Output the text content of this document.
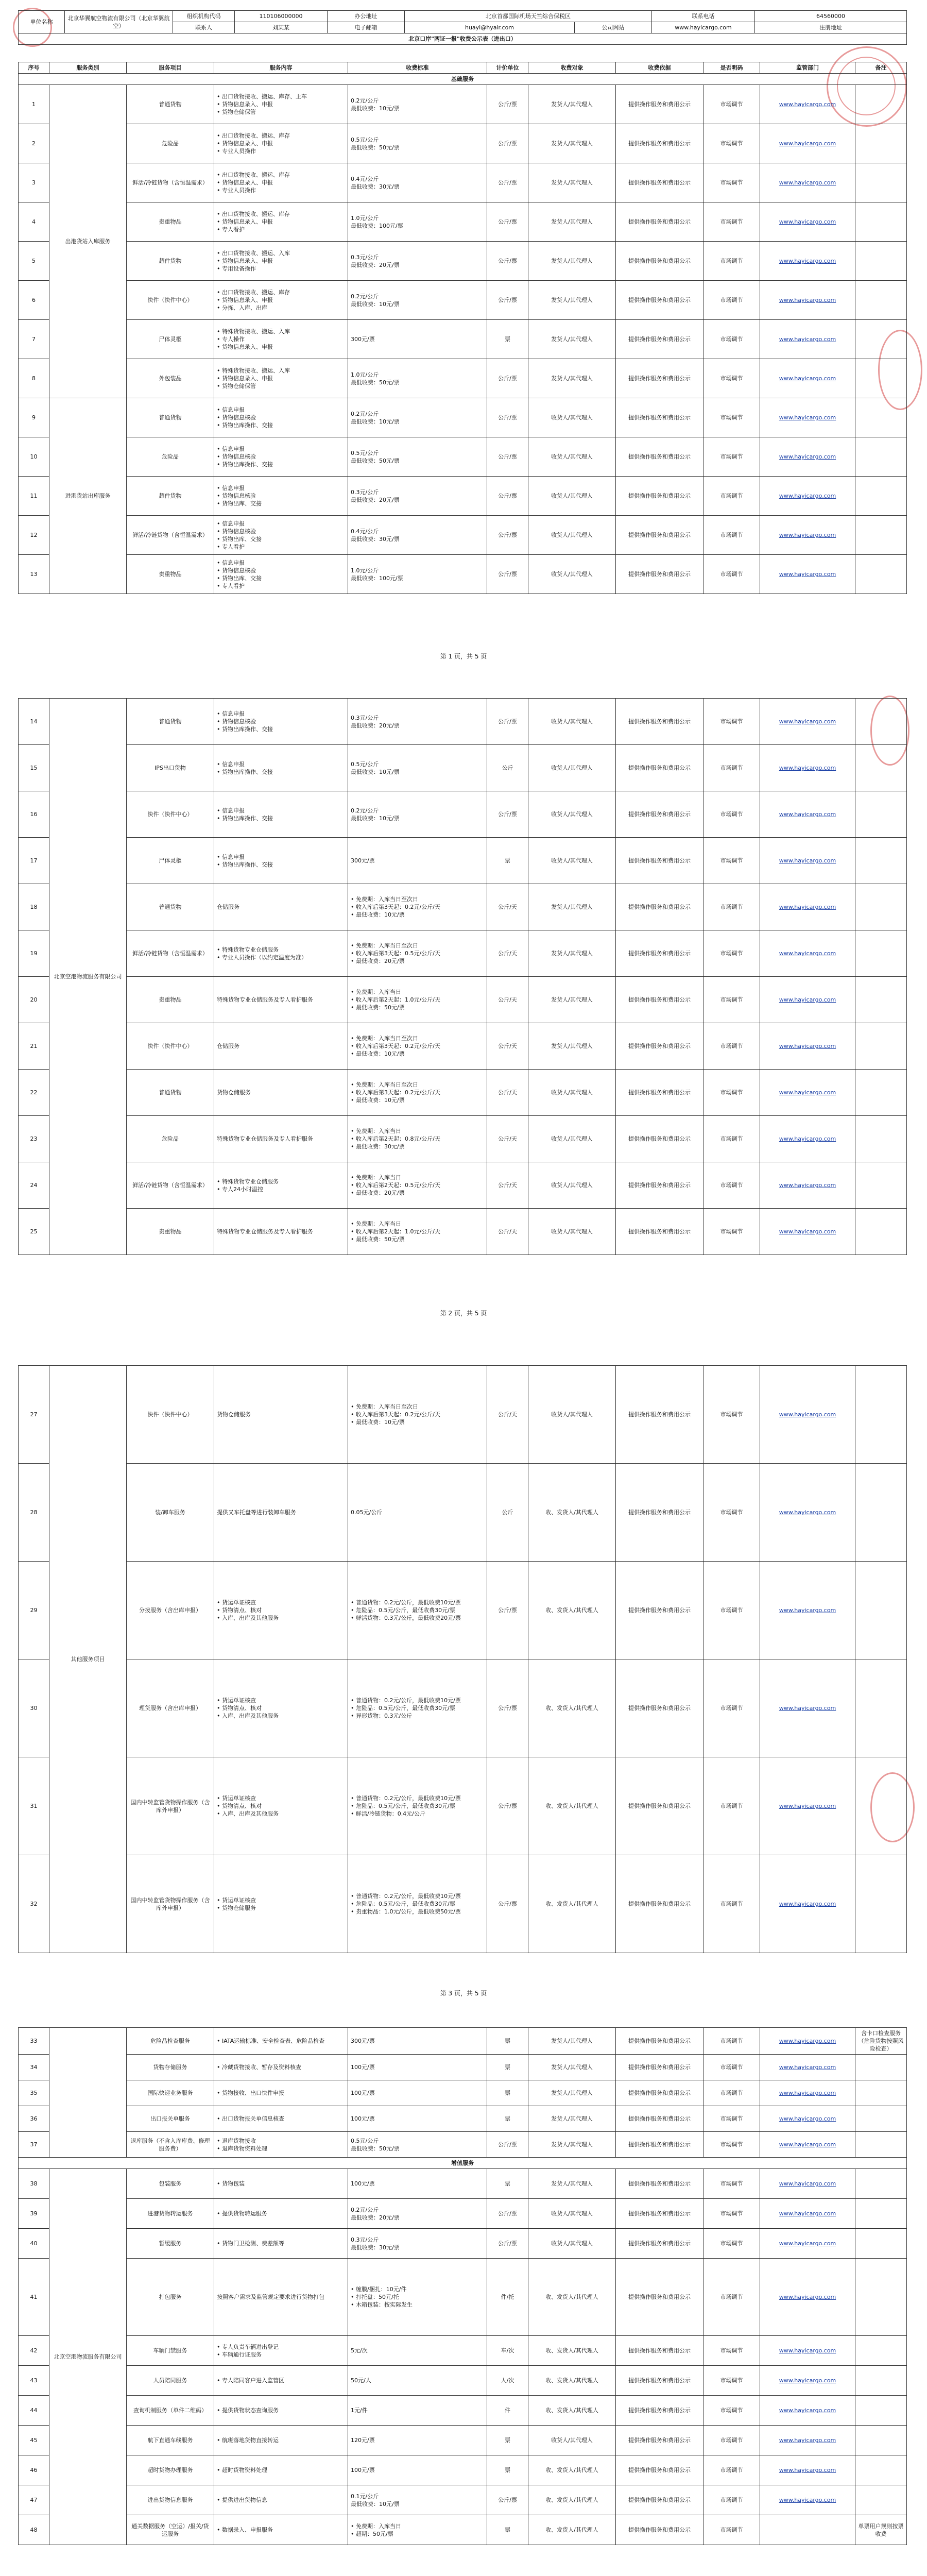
单位名称	北京华翼航空物流有限公司（北京华翼航空）	组织机构代码	110106000000	办公地址	北京首都国际机场天竺综合保税区		联系电话	64560000
		联系人	刘某某	电子邮箱	huayi@hyair.com	公司网站	www.hayicargo.com	注册地址
北京口岸"两证一报"收费公示表（进出口）								
序号	服务类别	服务项目	服务内容	收费标准	计价单位	收费对象	收费依据	是否明码	监管部门	备注
基础服务										
1	出港货站入库服务	普通货物	• 出口货物接收、搬运、库存、上车
• 货物信息录入、申报
• 货物仓储保管	0.2元/公斤
最低收费：10元/票	公斤/票	发货人/其代理人	提供操作服务和费用公示	市场调节	www.hayicargo.com	
2		危险品	• 出口货物接收、搬运、库存
• 货物信息录入、申报
• 专业人员操作	0.5元/公斤
最低收费：50元/票	公斤/票	发货人/其代理人	提供操作服务和费用公示	市场调节	www.hayicargo.com	
3		鲜活/冷链货物（含恒温需求）	• 出口货物接收、搬运、库存
• 货物信息录入、申报
• 专业人员操作	0.4元/公斤
最低收费：30元/票	公斤/票	发货人/其代理人	提供操作服务和费用公示	市场调节	www.hayicargo.com	
4		贵重物品	• 出口货物接收、搬运、库存
• 货物信息录入、申报
• 专人看护	1.0元/公斤
最低收费：100元/票	公斤/票	发货人/其代理人	提供操作服务和费用公示	市场调节	www.hayicargo.com	
5		超件货物	• 出口货物接收、搬运、入库
• 货物信息录入、申报
• 专用设备操作	0.3元/公斤
最低收费：20元/票	公斤/票	发货人/其代理人	提供操作服务和费用公示	市场调节	www.hayicargo.com	
6		快件（快件中心）	• 出口货物接收、搬运、库存
• 货物信息录入、申报
• 分拣、入库、出库	0.2元/公斤
最低收费：10元/票	公斤/票	发货人/其代理人	提供操作服务和费用公示	市场调节	www.hayicargo.com	
7		尸体灵柩	• 特殊货物接收、搬运、入库
• 专人操作
• 货物信息录入、申报	300元/票	票	发货人/其代理人	提供操作服务和费用公示	市场调节	www.hayicargo.com	
8		外包装品	• 特殊货物接收、搬运、入库
• 货物信息录入、申报
• 货物仓储保管	1.0元/公斤
最低收费：50元/票	公斤/票	发货人/其代理人	提供操作服务和费用公示	市场调节	www.hayicargo.com	
9	进港货站出库服务	普通货物	• 信息申报
• 货物信息核验
• 货物出库操作、交接	0.2元/公斤
最低收费：10元/票	公斤/票	收货人/其代理人	提供操作服务和费用公示	市场调节	www.hayicargo.com	
10		危险品	• 信息申报
• 货物信息核验
• 货物出库操作、交接	0.5元/公斤
最低收费：50元/票	公斤/票	收货人/其代理人	提供操作服务和费用公示	市场调节	www.hayicargo.com	
11		超件货物	• 信息申报
• 货物信息核验
• 货物出库、交接	0.3元/公斤
最低收费：20元/票	公斤/票	收货人/其代理人	提供操作服务和费用公示	市场调节	www.hayicargo.com	
12		鲜活/冷链货物（含恒温需求）	• 信息申报
• 货物信息核验
• 货物出库、交接
• 专人看护	0.4元/公斤
最低收费：30元/票	公斤/票	收货人/其代理人	提供操作服务和费用公示	市场调节	www.hayicargo.com	
13		贵重物品	• 信息申报
• 货物信息核验
• 货物出库、交接
• 专人看护	1.0元/公斤
最低收费：100元/票	公斤/票	收货人/其代理人	提供操作服务和费用公示	市场调节	www.hayicargo.com	
第 1 页，共 5 页
14	北京空港物流服务有限公司	普通货物	• 信息申报
• 货物信息核验
• 货物出库操作、交接	0.3元/公斤
最低收费：20元/票	公斤/票	收货人/其代理人	提供操作服务和费用公示	市场调节	www.hayicargo.com	
15		IPS出口货物	• 信息申报
• 货物出库操作、交接	0.5元/公斤
最低收费：10元/票	公斤	收货人/其代理人	提供操作服务和费用公示	市场调节	www.hayicargo.com	
16		快件（快件中心）	• 信息申报
• 货物出库操作、交接	0.2元/公斤
最低收费：10元/票	公斤/票	收货人/其代理人	提供操作服务和费用公示	市场调节	www.hayicargo.com	
17		尸体灵柩	• 信息申报
• 货物出库操作、交接	300元/票	票	收货人/其代理人	提供操作服务和费用公示	市场调节	www.hayicargo.com	
18		普通货物	仓储服务	• 免费期：入库当日至次日
• 收入库后第3天起：0.2元/公斤/天
• 最低收费：10元/票	公斤/天	发货人/其代理人	提供操作服务和费用公示	市场调节	www.hayicargo.com	
19		鲜活/冷链货物（含恒温需求）	• 特殊货物专业仓储服务
• 专业人员操作（以约定温度为准）	• 免费期：入库当日至次日
• 收入库后第3天起：0.5元/公斤/天
• 最低收费：20元/票	公斤/天	发货人/其代理人	提供操作服务和费用公示	市场调节	www.hayicargo.com	
20		贵重物品	特殊货物专业仓储服务及专人看护服务	• 免费期：入库当日
• 收入库后第2天起：1.0元/公斤/天
• 最低收费：50元/票	公斤/天	发货人/其代理人	提供操作服务和费用公示	市场调节	www.hayicargo.com	
21		快件（快件中心）	仓储服务	• 免费期：入库当日至次日
• 收入库后第3天起：0.2元/公斤/天
• 最低收费：10元/票	公斤/天	发货人/其代理人	提供操作服务和费用公示	市场调节	www.hayicargo.com	
22		普通货物	货物仓储服务	• 免费期：入库当日至次日
• 收入库后第3天起：0.2元/公斤/天
• 最低收费：10元/票	公斤/天	收货人/其代理人	提供操作服务和费用公示	市场调节	www.hayicargo.com	
23		危险品	特殊货物专业仓储服务及专人看护服务	• 免费期：入库当日
• 收入库后第2天起：0.8元/公斤/天
• 最低收费：30元/票	公斤/天	收货人/其代理人	提供操作服务和费用公示	市场调节	www.hayicargo.com	
24		鲜活/冷链货物（含恒温需求）	• 特殊货物专业仓储服务
• 专人24小时温控	• 免费期：入库当日
• 收入库后第2天起：0.5元/公斤/天
• 最低收费：20元/票	公斤/天	收货人/其代理人	提供操作服务和费用公示	市场调节	www.hayicargo.com	
25		贵重物品	特殊货物专业仓储服务及专人看护服务	• 免费期：入库当日
• 收入库后第2天起：1.0元/公斤/天
• 最低收费：50元/票	公斤/天	收货人/其代理人	提供操作服务和费用公示	市场调节	www.hayicargo.com	
第 2 页，共 5 页
27	其他服务项目	快件（快件中心）	货物仓储服务	• 免费期：入库当日至次日
• 收入库后第3天起：0.2元/公斤/天
• 最低收费：10元/票	公斤/天	收货人/其代理人	提供操作服务和费用公示	市场调节	www.hayicargo.com	
28		装/卸车服务	提供叉车托盘等进行装卸车服务	0.05元/公斤	公斤	收、发货人/其代理人	提供操作服务和费用公示	市场调节	www.hayicargo.com	
29		分拨服务（含出库申报）	• 货运单证核查
• 货物清点、核对
• 入库、出库及其他服务	• 普通货物：0.2元/公斤，最低收费10元/票
• 危险品：0.5元/公斤，最低收费30元/票
• 鲜活货物：0.3元/公斤，最低收费20元/票	公斤/票	收、发货人/其代理人	提供操作服务和费用公示	市场调节	www.hayicargo.com	
30		理货服务（含出库申报）	• 货运单证核查
• 货物清点、核对
• 入库、出库及其他服务	• 普通货物：0.2元/公斤，最低收费10元/票
• 危险品：0.5元/公斤，最低收费30元/票
• 异形货物：0.3元/公斤	公斤/票	收、发货人/其代理人	提供操作服务和费用公示	市场调节	www.hayicargo.com	
31		国内中转监管货物操作服务（含库外申报）	• 货运单证核查
• 货物清点、核对
• 入库、出库及其他服务	• 普通货物：0.2元/公斤，最低收费10元/票
• 危险品：0.5元/公斤，最低收费30元/票
• 鲜活/冷链货物：0.4元/公斤	公斤/票	收、发货人/其代理人	提供操作服务和费用公示	市场调节	www.hayicargo.com	
32		国内中转监管货物操作服务（含库外申报）	• 货运单证核查
• 货物仓储服务	• 普通货物：0.2元/公斤，最低收费10元/票
• 危险品：0.5元/公斤，最低收费30元/票
• 贵重物品：1.0元/公斤，最低收费50元/票	公斤/票	收、发货人/其代理人	提供操作服务和费用公示	市场调节	www.hayicargo.com	
第 3 页，共 5 页
33		危险品检查服务	• IATA运输标准、安全检查表、危险品检查	300元/票	票	发货人/其代理人	提供操作服务和费用公示	市场调节	www.hayicargo.com	含卡口检查服务（危险货物按照风险检查）
34		货物存储服务	• 冷藏货物接收、暂存及资料核查	100元/票	票	发货人/其代理人	提供操作服务和费用公示	市场调节	www.hayicargo.com	
35		国际快递业务服务	• 货物接收、出口快件申报	100元/票	票	发货人/其代理人	提供操作服务和费用公示	市场调节	www.hayicargo.com	
36		出口报关单服务	• 出口货物报关单信息核查	100元/票	票	发货人/其代理人	提供操作服务和费用公示	市场调节	www.hayicargo.com	
37		退库服务（不含入库库费、修理服务费）	• 退库货物接收
• 退库货物资料处理	0.5元/公斤
最低收费：50元/票	公斤/票	发货人/其代理人	提供操作服务和费用公示	市场调节	www.hayicargo.com	
增值服务										
38	北京空港物流服务有限公司	包装服务	• 货物包装	100元/票	票	发货人/其代理人	提供操作服务和费用公示	市场调节	www.hayicargo.com	
39		进港货物转运服务	• 提供货物转运服务	0.2元/公斤
最低收费：20元/票	公斤/票	收货人/其代理人	提供操作服务和费用公示	市场调节	www.hayicargo.com	
40		暂缓服务	• 货物门卫检测、费差额等	0.3元/公斤
最低收费：30元/票	公斤/票	收货人/其代理人	提供操作服务和费用公示	市场调节	www.hayicargo.com	
41		打包服务	按照客户需求及监管规定要求进行货物打包	• 缠膜/捆扎：10元/件
• 打托盘：50元/托
• 木箱包装：按实际发生	件/托	收、发货人/其代理人	提供操作服务和费用公示	市场调节	www.hayicargo.com	
42		车辆门禁服务	• 专人负责车辆进出登记
• 车辆通行证服务	5元/次	车/次	收、发货人/其代理人	提供操作服务和费用公示	市场调节	www.hayicargo.com	
43		人员陪同服务	• 专人陪同客户进入监管区	50元/人	人/次	收、发货人/其代理人	提供操作服务和费用公示	市场调节	www.hayicargo.com	
44		查询机制服务（单件二维码）	• 提供货物状态查询服务	1元/件	件	收、发货人/其代理人	提供操作服务和费用公示	市场调节	www.hayicargo.com	
45		航下直通车线服务	• 航班落地货物直接转运	120元/票	票	收货人/其代理人	提供操作服务和费用公示	市场调节	www.hayicargo.com	
46		超时货物办理服务	• 超时货物资料处理	100元/票	票	收、发货人/其代理人	提供操作服务和费用公示	市场调节	www.hayicargo.com	
47		进出货物信息服务	• 提供进出货物信息	0.1元/公斤
最低收费：10元/票	公斤/票	收、发货人/其代理人	提供操作服务和费用公示	市场调节	www.hayicargo.com	
48		通关数据服务（空运）/报关/货运服务	• 数据录入、申报服务	• 免费期：入库当日
• 超期：50元/票	票	收、发货人/其代理人	提供操作服务和费用公示	市场调节		单票用户规则按票收费
